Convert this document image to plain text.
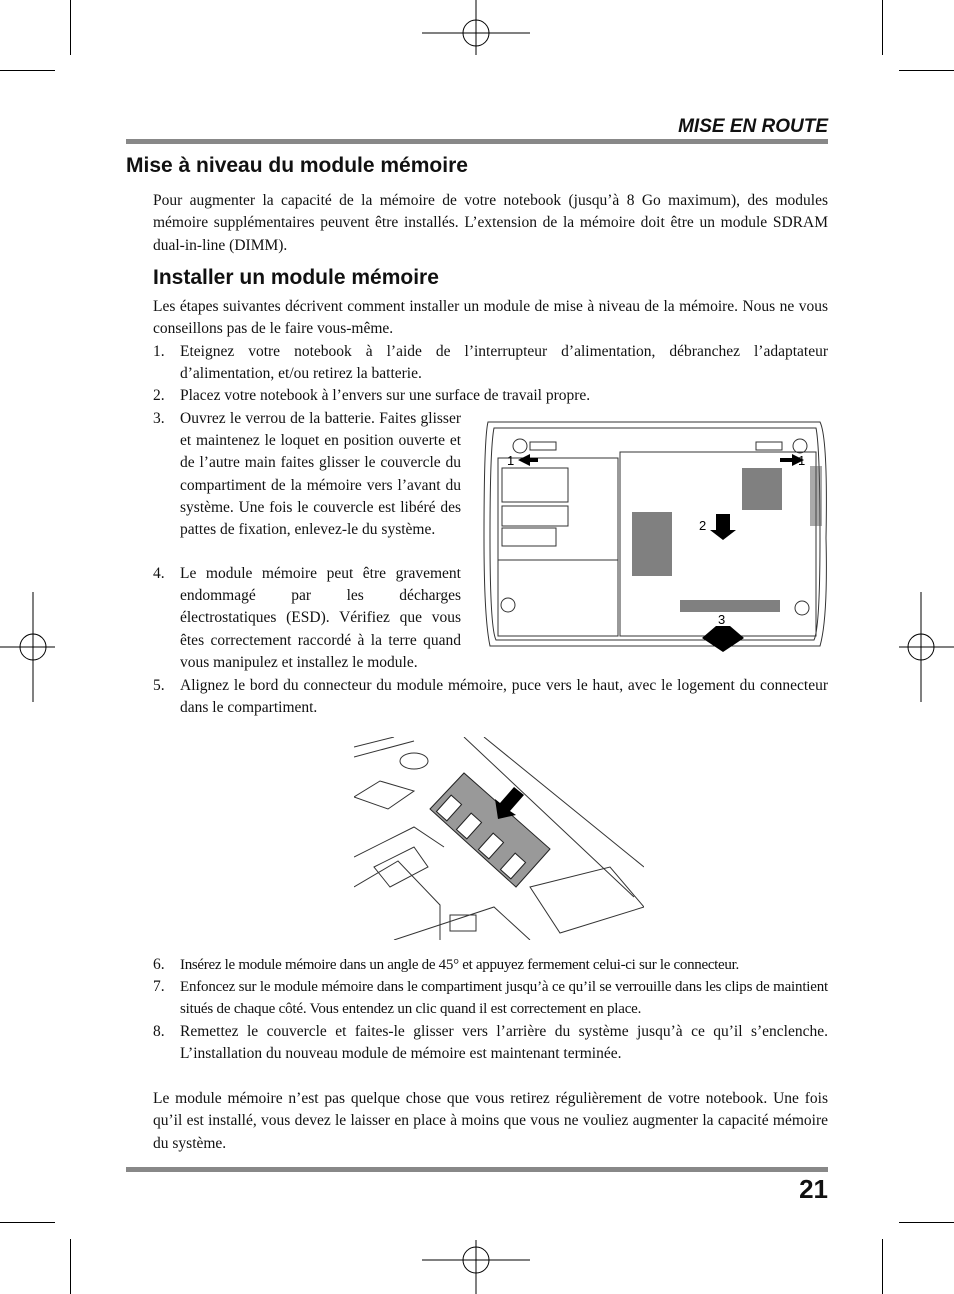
MISE EN ROUTE
Mise à niveau du module mémoire

Pour augmenter la capacité de la mémoire de votre notebook (jusqu’à 8 Go maximum), des modules mémoire supplémentaires peuvent être installés. L’extension de la mémoire doit être un module SDRAM dual-in-line (DIMM).

Installer un module mémoire

Les étapes suivantes décrivent comment installer un module de mise à niveau de la mémoire. Nous ne vous conseillons pas de le faire vous-même.

1. Eteignez votre notebook à l’aide de l’interrupteur d’alimentation, débranchez l’adaptateur d’alimentation, et/ou retirez la batterie.
2. Placez votre notebook à l’envers sur une surface de travail propre.
3. Ouvrez le verrou de la batterie. Faites glisser et maintenez le loquet en position ouverte et de l’autre main faites glisser le couvercle du compartiment de la mémoire vers l’avant du système. Une fois le couvercle est libéré des pattes de fixation, enlevez-le du système.
4. Le module mémoire peut être gravement endommagé par les décharges électrostatiques (ESD). Vérifiez que vous êtes correctement raccordé à la terre quand vous manipulez et installez le module.
5. Alignez le bord du connecteur du module mémoire, puce vers le haut, avec le logement du connecteur dans le compartiment.
1	1
2
3
6. Insérez le module mémoire dans un angle de 45° et appuyez fermement celui-ci sur le connecteur.
7. Enfoncez sur le module mémoire dans le compartiment jusqu’à ce qu’il se verrouille dans les clips de maintient situés de chaque côté. Vous entendez un clic quand il est correctement en place.
8. Remettez le couvercle et faites-le glisser vers l’arrière du système jusqu’à ce qu’il s’enclenche. L’installation du nouveau module de mémoire est maintenant terminée.

Le module mémoire n’est pas quelque chose que vous retirez régulièrement de votre notebook. Une fois qu’il est installé, vous devez le laisser en place à moins que vous ne vouliez augmenter la capacité mémoire du système.

21
